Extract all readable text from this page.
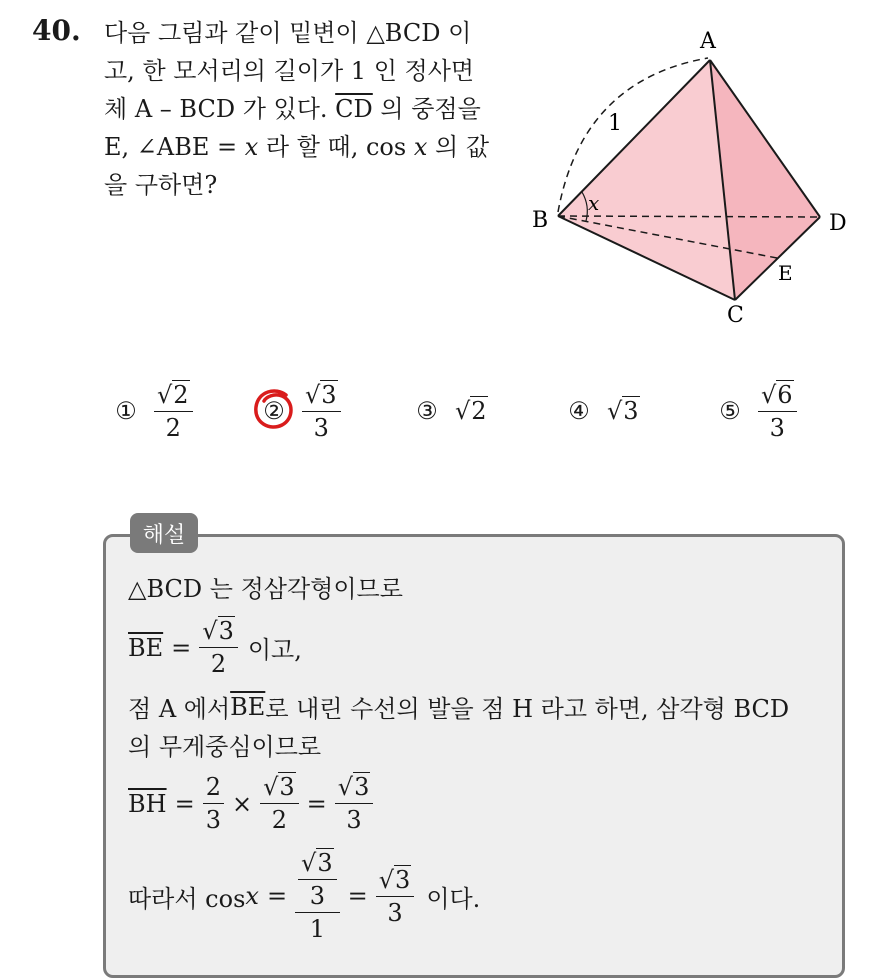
40. 다음 그림과 같이 밑변이 △BCD 이
고, 한 모서리의 길이가 1 인 정사면
체 A – BCD 가 있다. $\overline{CD}$ 의 중점을
E, ∠ABE = x 라 할 때, cos x 의 값
을 구하면?
A
B
C
D
E
1
x
① $\frac{√2}{2}$	② $\frac{√3}{3}$	③ √2	④ √3	⑤ $\frac{√6}{3}$
해설
△BCD 는 정삼각형이므로
$\overline{BE} = \frac{√3}{2}$ 이고,
점 A 에서 $\overline{BE}$ 로 내린 수선의 발을 점 H 라고 하면, 삼각형 BCD
의 무게중심이므로
$\overline{BH} = \frac{2}{3} \times \frac{√3}{2} = \frac{√3}{3}$
따라서 $\cos x = \frac{\frac{√3}{3}}{1} = \frac{√3}{3}$ 이다.
